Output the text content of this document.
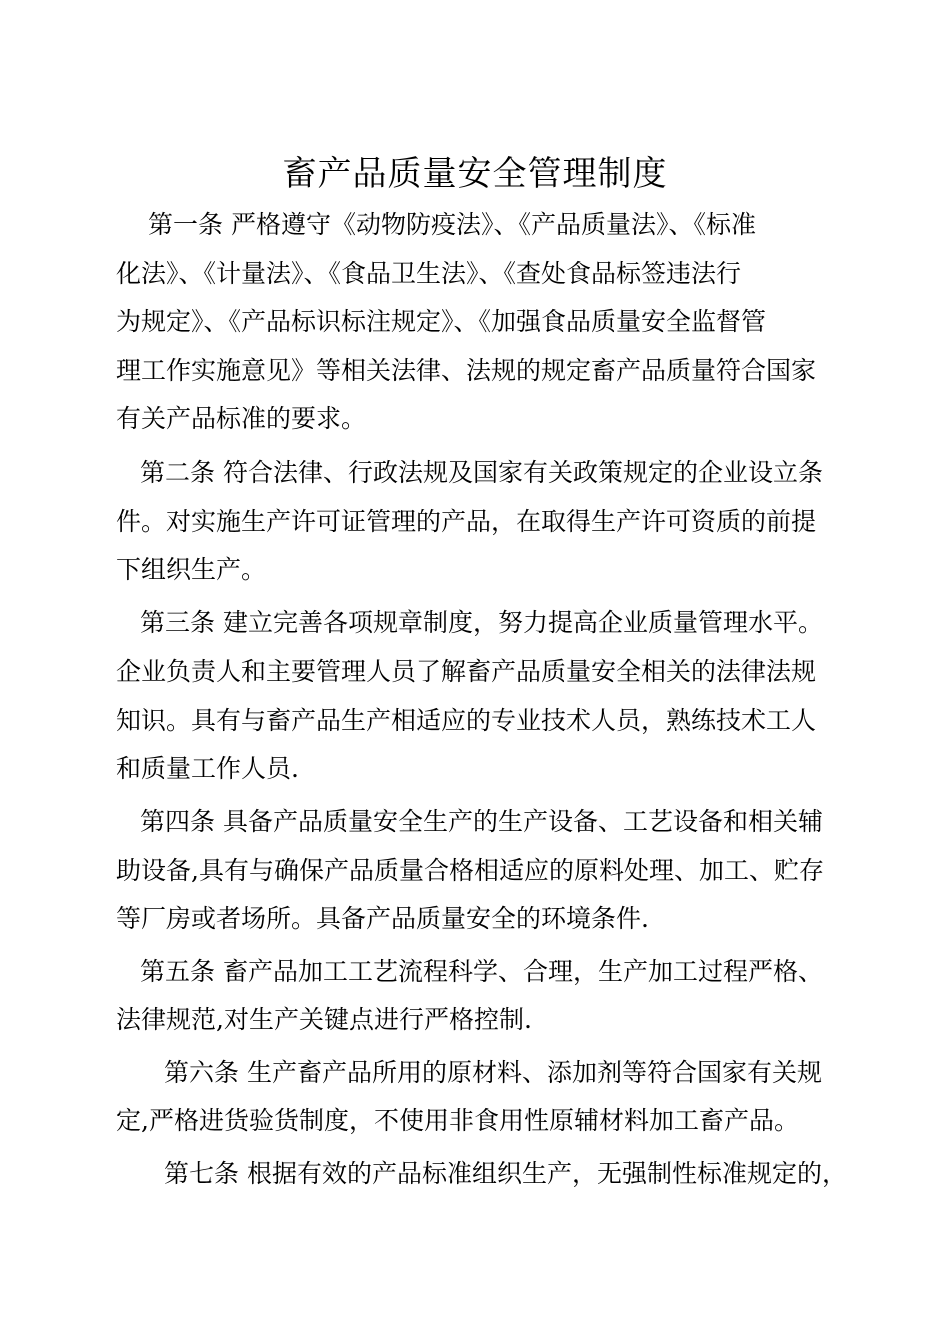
畜产品质量安全管理制度
第一条 严格遵守《动物防疫法》、《产品质量法》、《标准
化法》、《计量法》、《食品卫生法》、《查处食品标签违法行
为规定》、《产品标识标注规定》、《加强食品质量安全监督管
理工作实施意见》等相关法律、法规的规定畜产品质量符合国家
有关产品标准的要求。
第二条 符合法律、行政法规及国家有关政策规定的企业设立条
件。对实施生产许可证管理的产品，在取得生产许可资质的前提
下组织生产。
第三条 建立完善各项规章制度，努力提高企业质量管理水平。
企业负责人和主要管理人员了解畜产品质量安全相关的法律法规
知识。具有与畜产品生产相适应的专业技术人员，熟练技术工人
和质量工作人员.
第四条 具备产品质量安全生产的生产设备、工艺设备和相关辅
助设备,具有与确保产品质量合格相适应的原料处理、加工、贮存
等厂房或者场所。具备产品质量安全的环境条件.
第五条 畜产品加工工艺流程科学、合理，生产加工过程严格、
法律规范,对生产关键点进行严格控制.
第六条 生产畜产品所用的原材料、添加剂等符合国家有关规
定,严格进货验货制度，不使用非食用性原辅材料加工畜产品。
第七条 根据有效的产品标准组织生产，无强制性标准规定的，
